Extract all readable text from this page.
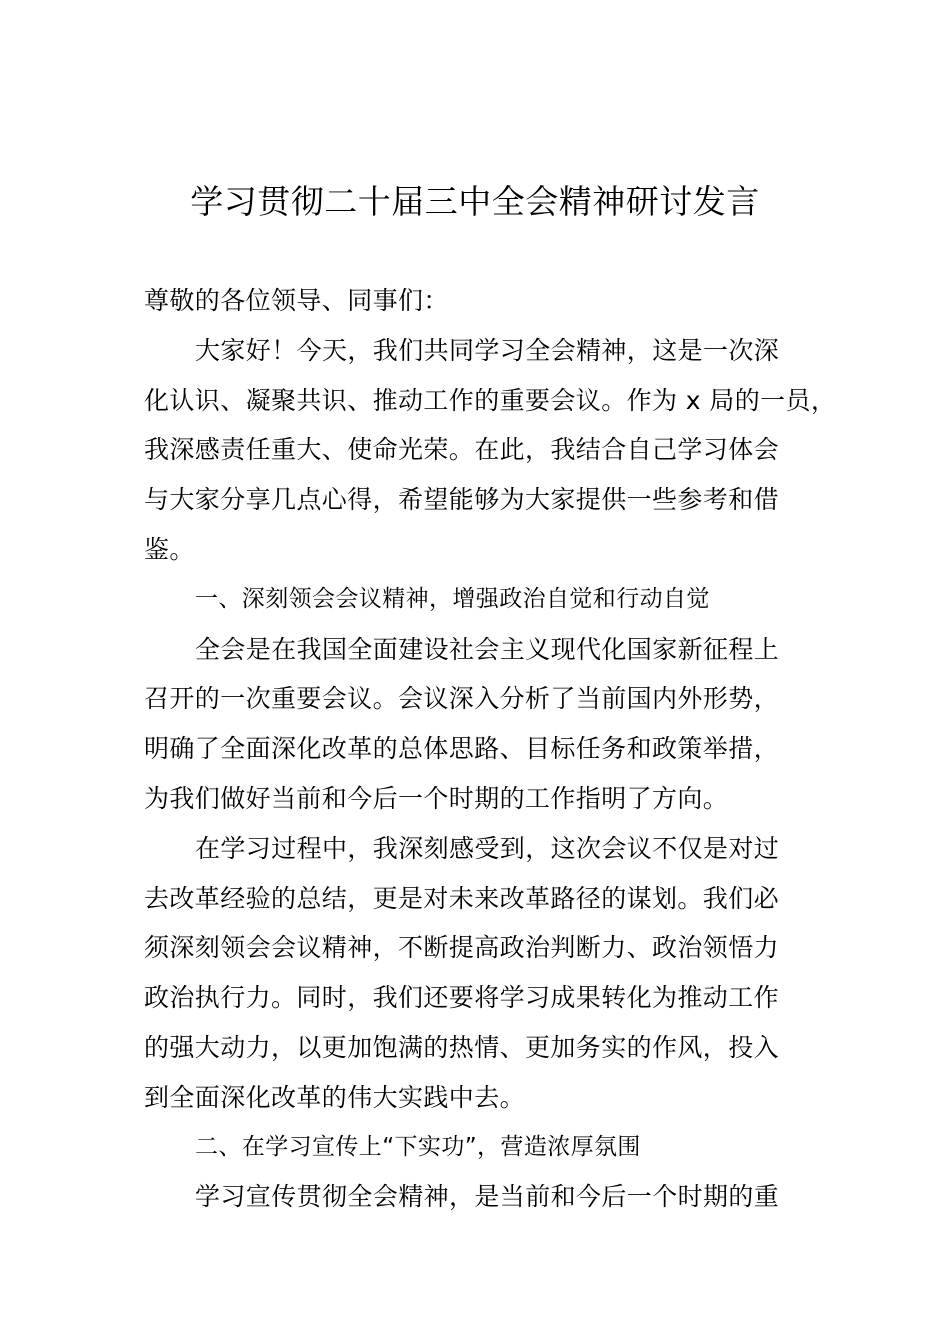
学习贯彻二十届三中全会精神研讨发言
尊敬的各位领导、同事们：
大家好！今天，我们共同学习全会精神，这是一次深
化认识、凝聚共识、推动工作的重要会议。作为 x 局的一员，
我深感责任重大、使命光荣。在此，我结合自己学习体会
与大家分享几点心得，希望能够为大家提供一些参考和借
鉴。
一、深刻领会会议精神，增强政治自觉和行动自觉
全会是在我国全面建设社会主义现代化国家新征程上
召开的一次重要会议。会议深入分析了当前国内外形势，
明确了全面深化改革的总体思路、目标任务和政策举措，
为我们做好当前和今后一个时期的工作指明了方向。
在学习过程中，我深刻感受到，这次会议不仅是对过
去改革经验的总结，更是对未来改革路径的谋划。我们必
须深刻领会会议精神，不断提高政治判断力、政治领悟力
政治执行力。同时，我们还要将学习成果转化为推动工作
的强大动力，以更加饱满的热情、更加务实的作风，投入
到全面深化改革的伟大实践中去。
二、在学习宣传上“下实功”，营造浓厚氛围
学习宣传贯彻全会精神，是当前和今后一个时期的重
